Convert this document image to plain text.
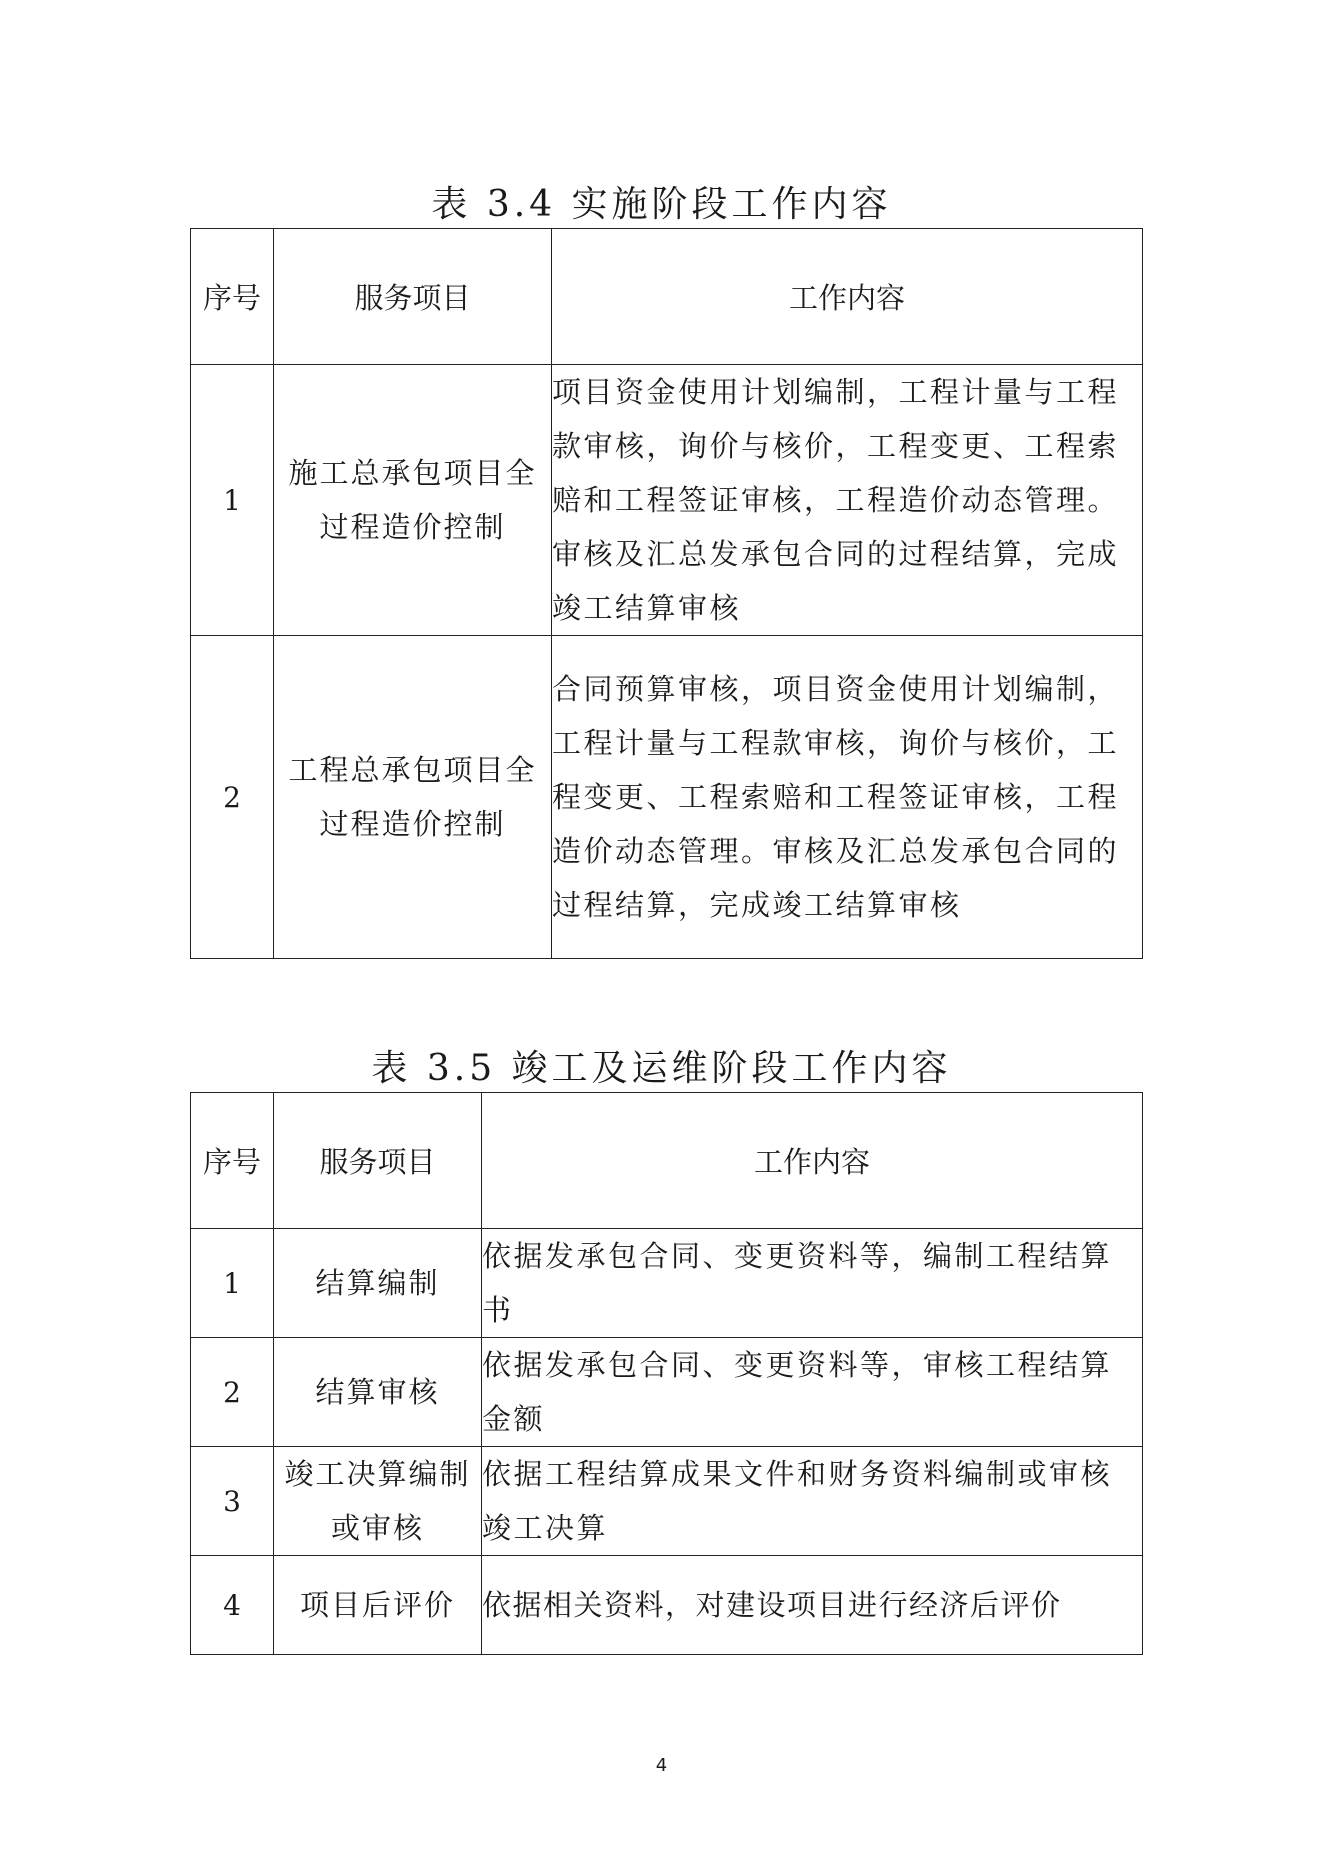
表 3.4 实施阶段工作内容
序号	服务项目	工作内容
1	施工总承包项目全过程造价控制	项目资金使用计划编制，工程计量与工程款审核，询价与核价，工程变更、工程索赔和工程签证审核，工程造价动态管理。审核及汇总发承包合同的过程结算，完成竣工结算审核
2	工程总承包项目全过程造价控制	合同预算审核，项目资金使用计划编制，工程计量与工程款审核，询价与核价，工程变更、工程索赔和工程签证审核，工程造价动态管理。审核及汇总发承包合同的过程结算，完成竣工结算审核
表 3.5 竣工及运维阶段工作内容
序号	服务项目	工作内容
1	结算编制	依据发承包合同、变更资料等，编制工程结算书
2	结算审核	依据发承包合同、变更资料等，审核工程结算金额
3	竣工决算编制或审核	依据工程结算成果文件和财务资料编制或审核竣工决算
4	项目后评价	依据相关资料，对建设项目进行经济后评价
4
